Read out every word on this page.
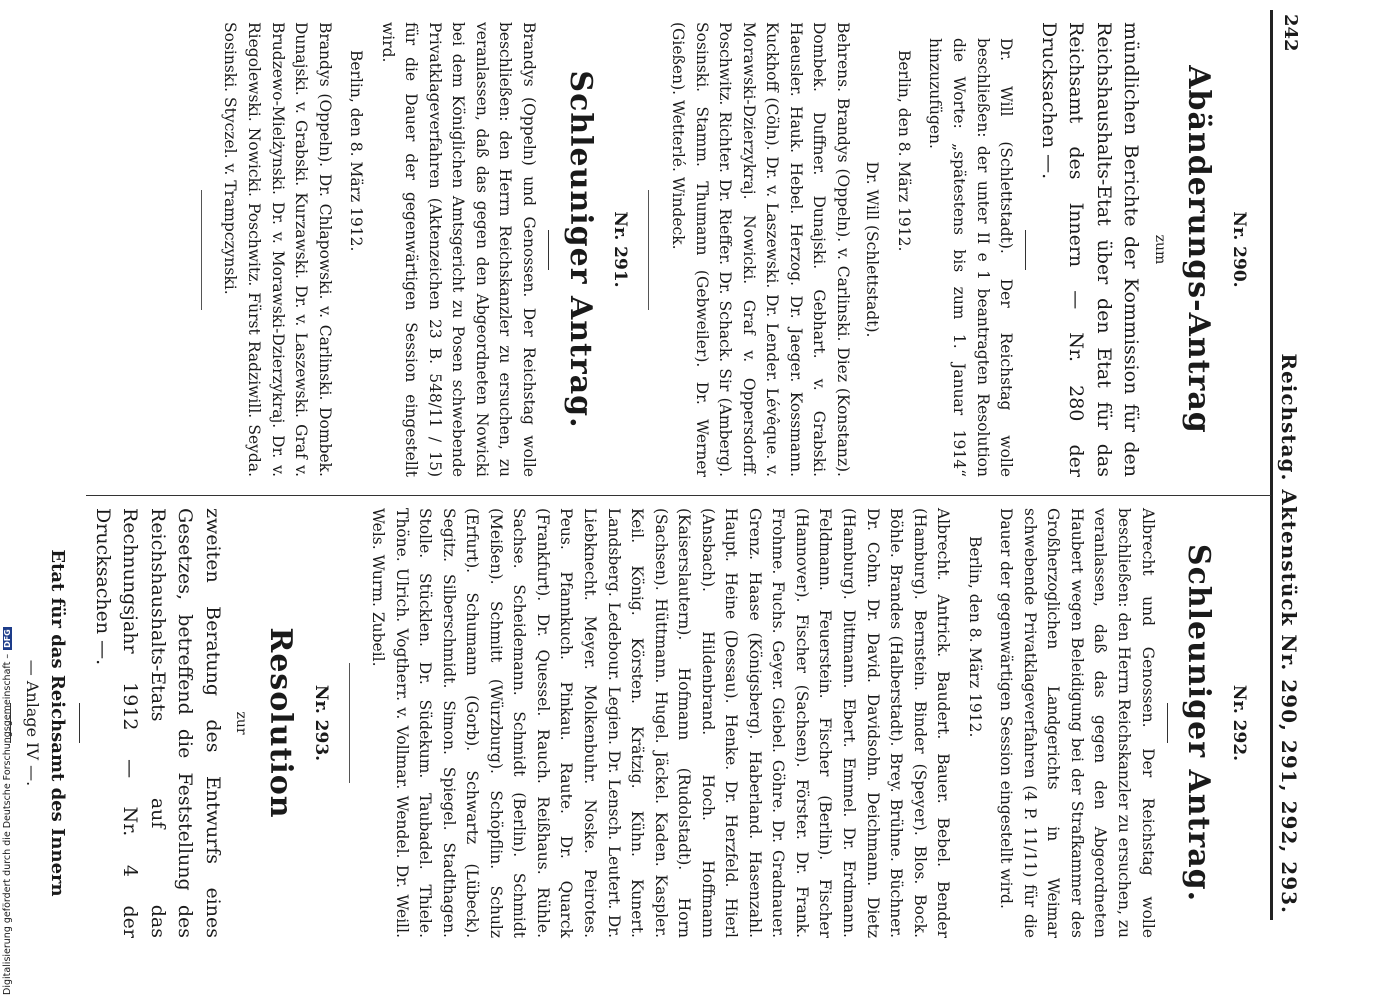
242
Reichstag. Aktenstück Nr. 290, 291, 292, 293.
Nr. 290.
Abänderungs-Antrag
zum
mündlichen Berichte der Kommission für den Reichshaushalts-Etat über den Etat für das Reichsamt des Innern — Nr. 280 der Drucksachen —.
Dr. Will (Schlettstadt). Der Reichstag wolle beschließen: der unter II e 1 beantragten Resolution die Worte: „spätestens bis zum 1. Januar 1914“ hinzuzufügen.
Berlin, den 8. März 1912.
Dr. Will (Schlettstadt).
Behrens. Brandys (Oppeln). v. Carlinski. Diez (Konstanz). Dombek. Duffner. Dunajski. Gebhart. v. Grabski. Haeusler. Hauk. Hebel. Herzog. Dr. Jaeger. Kossmann. Kuckhoff (Cöln). Dr. v. Laszewski. Dr. Lender. Lévêque. v. Morawski-Dzierzykraj. Nowicki. Graf v. Oppersdorff. Poschwitz. Richter. Dr. Rieffer. Dr. Schack. Sir (Amberg). Sosinski. Stamm. Thumann (Gebweiler). Dr. Werner (Gießen). Wetterlé. Windeck.
Nr. 291.
Schleuniger Antrag.
Brandys (Oppeln) und Genossen. Der Reichstag wolle beschließen: den Herrn Reichskanzler zu ersuchen, zu veranlassen, daß das gegen den Abgeordneten Nowicki bei dem Königlichen Amtsgericht zu Posen schwebende Privatklageverfahren (Aktenzeichen 23 B. 548/11 / 15) für die Dauer der gegenwärtigen Session eingestellt wird.
Berlin, den 8. März 1912.
Brandys (Oppeln). Dr. Chlapowski. v. Carlinski. Dombek. Dunajski. v. Grabski. Kurzawski. Dr. v. Laszewski. Graf v. Brudzewo-Mielżynski. Dr. v. Morawski-Dzierzykraj. Dr. v. Riegolewski. Nowicki. Poschwitz. Fürst Radziwill. Seyda. Sosinski. Styczel. v. Trampczynski.
Nr. 292.
Schleuniger Antrag.
Albrecht und Genossen. Der Reichstag wolle beschließen: den Herrn Reichskanzler zu ersuchen, zu veranlassen, daß das gegen den Abgeordneten Haubert wegen Beleidigung bei der Strafkammer des Großherzoglichen Landgerichts in Weimar schwebende Privatklageverfahren (4 P. 11/11) für die Dauer der gegenwärtigen Session eingestellt wird.
Berlin, den 8. März 1912.
Albrecht. Antrick. Baudert. Bauer. Bebel. Bender (Hamburg). Bernstein. Binder (Speyer). Blos. Bock. Böhle. Brandes (Halberstadt). Brey. Brühne. Büchner. Dr. Cohn. Dr. David. Davidsohn. Deichmann. Dietz (Hamburg). Dittmann. Ebert. Emmel. Dr. Erdmann. Feldmann. Feuerstein. Fischer (Berlin). Fischer (Hannover). Fischer (Sachsen). Förster. Dr. Frank. Frohme. Fuchs. Geyer. Giebel. Göhre. Dr. Gradnauer. Grenz. Haase (Königsberg). Haberland. Hasenzahl. Haupt. Heine (Dessau). Henke. Dr. Herzfeld. Hierl (Ansbach). Hildenbrand. Hoch. Hoffmann (Kaiserslautern). Hofmann (Rudolstadt). Horn (Sachsen). Hüttmann. Hugel. Jäckel. Kaden. Kaspler. Keil. König. Körsten. Krätzig. Kühn. Kunert. Landsberg. Ledebour. Legien. Dr. Lensch. Leutert. Dr. Liebknecht. Meyer. Molkenbuhr. Noske. Peirotes. Peus. Pfannkuch. Pinkau. Raute. Dr. Quarck (Frankfurt). Dr. Quessel. Rauch. Reißhaus. Rühle. Sachse. Scheidemann. Schmidt (Berlin). Schmidt (Meißen). Schmitt (Würzburg). Schöpflin. Schulz (Erfurt). Schumann (Gorb). Schwartz (Lübeck). Segitz. Silberschmidt. Simon. Spiegel. Stadthagen. Stolle. Stücklen. Dr. Südekum. Taubadel. Thiele. Thöne. Ulrich. Vogtherr. v. Vollmar. Wendel. Dr. Weill. Wels. Wurm. Zubeil.
Nr. 293.
Resolution
zur
zweiten Beratung des Entwurfs eines Gesetzes, betreffend die Feststellung des Reichshaushalts-Etats auf das Rechnungsjahr 1912 — Nr. 4 der Drucksachen —.
Etat für das Reichsamt des Innern
— Anlage IV —.
Digitalisierung gefördert durch die Deutsche Forschungsgemeinschaft –DFG
